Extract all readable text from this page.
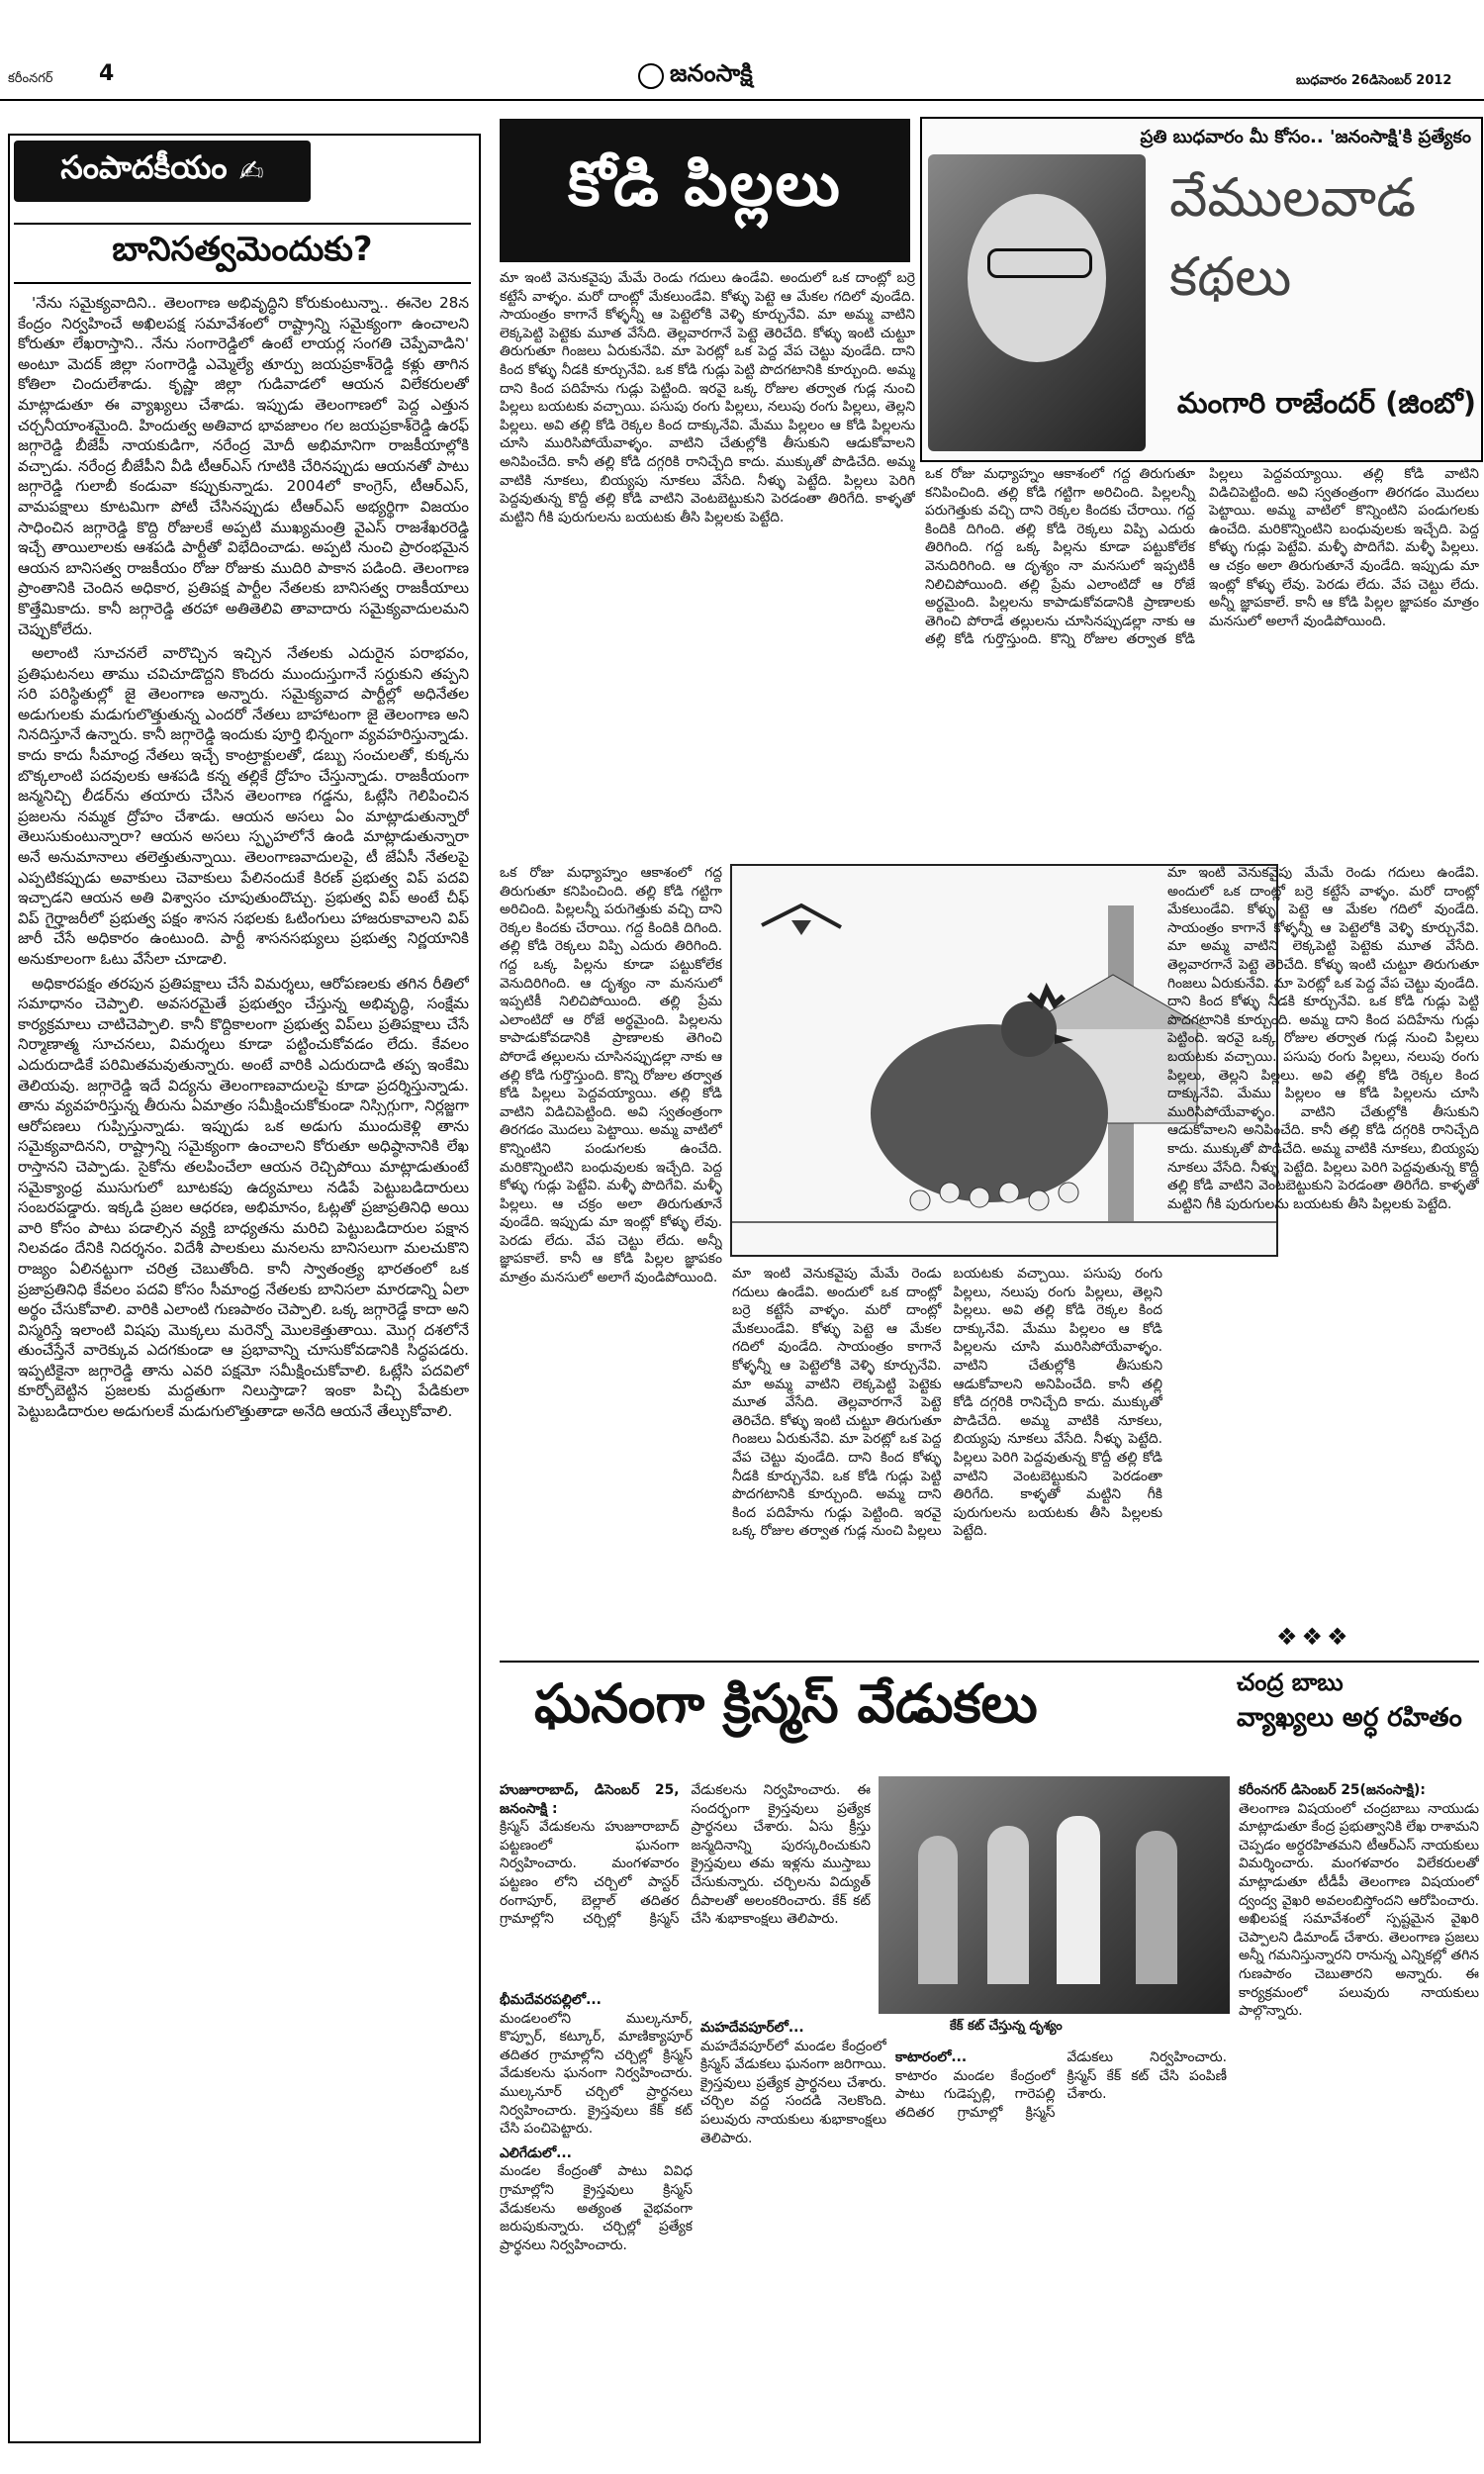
కరీంనగర్ 4	జనంసాక్షి	బుధవారం 26డిసెంబర్ 2012
సంపాదకీయం ✍
బానిసత్వమెందుకు?

'నేను సమైక్యవాదిని.. తెలంగాణ అభివృద్ధిని కోరుకుంటున్నా.. ఈనెల 28న కేంద్రం నిర్వహించే అఖిలపక్ష సమావేశంలో రాష్ట్రాన్ని సమైక్యంగా ఉంచాలని కోరుతూ లేఖరాస్తాని.. నేను సంగారెడ్డిలో ఉంటే లాయర్ల సంగతి చెప్పేవాడిని' అంటూ మెదక్ జిల్లా సంగారెడ్డి ఎమ్మెల్యే తూర్పు జయప్రకాశ్‌రెడ్డి కళ్లు తాగిన కోతిలా చిందులేశాడు. కృష్ణా జిల్లా గుడివాడలో ఆయన విలేకరులతో మాట్లాడుతూ ఈ వ్యాఖ్యలు చేశాడు. ఇప్పుడు తెలంగాణలో పెద్ద ఎత్తున చర్చనీయాంశమైంది. హిందుత్వ అతివాద భావజాలం గల జయప్రకాశ్‌రెడ్డి ఉరఫ్ జగ్గారెడ్డి బీజేపీ నాయకుడిగా, నరేంద్ర మోదీ అభిమానిగా రాజకీయాల్లోకి వచ్చాడు. నరేంద్ర బీజేపీని వీడి టీఆర్‌ఎస్ గూటికి చేరినప్పుడు ఆయనతో పాటు జగ్గారెడ్డి గులాబీ కండువా కప్పుకున్నాడు. 2004లో కాంగ్రెస్, టీఆర్‌ఎస్, వామపక్షాలు కూటమిగా పోటీ చేసినప్పుడు టీఆర్‌ఎస్ అభ్యర్థిగా విజయం సాధించిన జగ్గారెడ్డి కొద్ది రోజులకే అప్పటి ముఖ్యమంత్రి వైఎస్ రాజశేఖరరెడ్డి ఇచ్చే తాయిలాలకు ఆశపడి పార్టీతో విభేదించాడు. అప్పటి నుంచి ప్రారంభమైన ఆయన బానిసత్వ రాజకీయం రోజు రోజుకు ముదిరి పాకాన పడింది. తెలంగాణ ప్రాంతానికి చెందిన అధికార, ప్రతిపక్ష పార్టీల నేతలకు బానిసత్వ రాజకీయాలు కొత్తేమికాదు. కానీ జగ్గారెడ్డి తరహా అతితెలివి తావాదారు సమైక్యవాదులమని చెప్పుకోలేదు.

అలాంటి సూచనలే వారొచ్చిన ఇచ్చిన నేతలకు ఎదురైన పరాభవం, ప్రతిఘటనలు తాము చవిచూడొద్దని కొందరు ముందుస్తుగానే సర్దుకుని తప్పని సరి పరిస్థితుల్లో జై తెలంగాణ అన్నారు. సమైక్యవాద పార్టీల్లో అధినేతల అడుగులకు మడుగులొత్తుతున్న ఎందరో నేతలు బాహాటంగా జై తెలంగాణ అని నినదిస్తూనే ఉన్నారు. కానీ జగ్గారెడ్డి ఇందుకు పూర్తి భిన్నంగా వ్యవహరిస్తున్నాడు. కాదు కాదు సీమాంధ్ర నేతలు ఇచ్చే కాంట్రాక్టులతో, డబ్బు సంచులతో, కుక్కను బొక్కలాంటి పదవులకు ఆశపడి కన్న తల్లికే ద్రోహం చేస్తున్నాడు. రాజకీయంగా జన్మనిచ్చి లీడర్‌ను తయారు చేసిన తెలంగాణ గడ్డను, ఓట్లేసి గెలిపించిన ప్రజలను నమ్మక ద్రోహం చేశాడు. ఆయన అసలు ఏం మాట్లాడుతున్నారో తెలుసుకుంటున్నారా? ఆయన అసలు స్పృహలోనే ఉండి మాట్లాడుతున్నారా అనే అనుమానాలు తలెత్తుతున్నాయి. తెలంగాణవాదులపై, టీ జేఏసీ నేతలపై ఎప్పటికప్పుడు అవాకులు చెవాకులు పేలినందుకే కిరణ్ ప్రభుత్వ విప్ పదవి ఇచ్చాడని ఆయన అతి విశ్వాసం చూపుతుందొచ్చు. ప్రభుత్వ విప్ అంటే చీఫ్ విప్ గైర్హాజరీలో ప్రభుత్వ పక్షం శాసన సభలకు ఓటింగులు హాజరుకావాలని విప్ జారీ చేసే అధికారం ఉంటుంది. పార్టీ శాసనసభ్యులు ప్రభుత్వ నిర్ణయానికి అనుకూలంగా ఓటు వేసేలా చూడాలి.

అధికారపక్షం తరపున ప్రతిపక్షాలు చేసే విమర్శలు, ఆరోపణలకు తగిన రీతిలో సమాధానం చెప్పాలి. అవసరమైతే ప్రభుత్వం చేస్తున్న అభివృద్ధి, సంక్షేమ కార్యక్రమాలు చాటిచెప్పాలి. కానీ కొద్దికాలంగా ప్రభుత్వ విప్‌లు ప్రతిపక్షాలు చేసే నిర్మాణాత్మ సూచనలు, విమర్శలు కూడా పట్టించుకోవడం లేదు. కేవలం ఎదురుదాడికే పరిమితమవుతున్నారు. అంటే వారికి ఎదురుదాడి తప్ప ఇంకేమి తెలియవు. జగ్గారెడ్డి ఇదే విద్యను తెలంగాణవాదులపై కూడా ప్రదర్శిస్తున్నాడు. తాను వ్యవహరిస్తున్న తీరును ఏమాత్రం సమీక్షించుకోకుండా నిస్సిగ్గుగా, నిర్లజ్జగా ఆరోపణలు గుప్పిస్తున్నాడు. ఇప్పుడు ఒక అడుగు ముందుకెళ్లి తాను సమైక్యవాదినని, రాష్ట్రాన్ని సమైక్యంగా ఉంచాలని కోరుతూ అధిష్ఠానానికి లేఖ రాస్తానని చెప్పాడు. సైకోను తలపించేలా ఆయన రెచ్చిపోయి మాట్లాడుతుంటే సమైక్యాంధ్ర ముసుగులో బూటకపు ఉద్యమాలు నడిపే పెట్టుబడిదారులు సంబరపడ్డారు. ఇక్కడి ప్రజల ఆధరణ, అభిమానం, ఓట్లతో ప్రజాప్రతినిధి అయి వారి కోసం పాటు పడాల్సిన వ్యక్తి బాధ్యతను మరిచి పెట్టుబడిదారుల పక్షాన నిలవడం దేనికి నిదర్శనం. విదేశీ పాలకులు మనలను బానిసలుగా మలచుకొని రాజ్యం ఏలినట్టుగా చరిత్ర చెబుతోంది. కానీ స్వాతంత్ర్య భారతంలో ఒక ప్రజాప్రతినిధి కేవలం పదవి కోసం సీమాంధ్ర నేతలకు బానిసలా మారడాన్ని ఏలా అర్థం చేసుకోవాలి. వారికి ఎలాంటి గుణపాఠం చెప్పాలి. ఒక్క జగ్గారెడ్డే కాదా అని విస్మరిస్తే ఇలాంటి విషపు మొక్కలు మరెన్నో మొలకెత్తుతాయి. మొగ్గ దశలోనే తుంచేస్తేనే వారెక్కువ ఎదగకుండా ఆ ప్రభావాన్ని చూసుకోవడానికి సిద్ధపడరు. ఇప్పటికైనా జగ్గారెడ్డి తాను ఎవరి పక్షమో సమీక్షించుకోవాలి. ఓట్లేసి పదవిలో కూర్చోబెట్టిన ప్రజలకు మద్దతుగా నిలుస్తాడా? ఇంకా పిచ్చి పేడికులా పెట్టుబడిదారుల అడుగులకే మడుగులొత్తుతాడా అనేది ఆయనే తేల్చుకోవాలి.

కోడి పిల్లలు
ప్రతి బుధవారం మీ కోసం.. 'జనంసాక్షి'కి ప్రత్యేకం
వేములవాడ కథలు
మంగారి రాజేందర్ (జింబో)
మా ఇంటి వెనుకవైపు మేమే రెండు గదులు ఉండేవి. అందులో ఒక దాంట్లో బర్రె కట్టేసే వాళ్ళం. మరో దాంట్లో మేకలుండేవి. కోళ్ళు పెట్టె ఆ మేకల గదిలో వుండేది. సాయంత్రం కాగానే కోళ్ళన్నీ ఆ పెట్టెలోకి వెళ్ళి కూర్చునేవి. మా అమ్మ వాటిని లెక్కపెట్టి పెట్టెకు మూత వేసేది. తెల్లవారగానే పెట్టె తెరిచేది. కోళ్ళు ఇంటి చుట్టూ తిరుగుతూ గింజలు ఏరుకునేవి. మా పెరట్లో ఒక పెద్ద వేప చెట్టు వుండేది. దాని కింద కోళ్ళు నీడకి కూర్చునేవి. ఒక కోడి గుడ్లు పెట్టి పొదగటానికి కూర్చుంది. అమ్మ దాని కింద పదిహేను గుడ్లు పెట్టింది. ఇరవై ఒక్క రోజుల తర్వాత గుడ్ల నుంచి పిల్లలు బయటకు వచ్చాయి. పసుపు రంగు పిల్లలు, నలుపు రంగు పిల్లలు, తెల్లని పిల్లలు. అవి తల్లి కోడి రెక్కల కింద దాక్కునేవి. మేము పిల్లలం ఆ కోడి పిల్లలను చూసి మురిసిపోయేవాళ్ళం. వాటిని చేతుల్లోకి తీసుకుని ఆడుకోవాలని అనిపించేది. కానీ తల్లి కోడి దగ్గరికి రానిచ్చేది కాదు. ముక్కుతో పొడిచేది. అమ్మ వాటికి నూకలు, బియ్యపు నూకలు వేసేది. నీళ్ళు పెట్టేది. పిల్లలు పెరిగి పెద్దవుతున్న కొద్దీ తల్లి కోడి వాటిని వెంటబెట్టుకుని పెరడంతా తిరిగేది. కాళ్ళతో మట్టిని గీకి పురుగులను బయటకు తీసి పిల్లలకు పెట్టేది.
ఒక రోజు మధ్యాహ్నం ఆకాశంలో గద్ద తిరుగుతూ కనిపించింది. తల్లి కోడి గట్టిగా అరిచింది. పిల్లలన్నీ పరుగెత్తుకు వచ్చి దాని రెక్కల కిందకు చేరాయి. గద్ద కిందికి దిగింది. తల్లి కోడి రెక్కలు విప్పి ఎదురు తిరిగింది. గద్ద ఒక్క పిల్లను కూడా పట్టుకోలేక వెనుదిరిగింది. ఆ దృశ్యం నా మనసులో ఇప్పటికీ నిలిచిపోయింది. తల్లి ప్రేమ ఎలాంటిదో ఆ రోజే అర్థమైంది. పిల్లలను కాపాడుకోవడానికి ప్రాణాలకు తెగించి పోరాడే తల్లులను చూసినప్పుడల్లా నాకు ఆ తల్లి కోడి గుర్తొస్తుంది. కొన్ని రోజుల తర్వాత కోడి పిల్లలు పెద్దవయ్యాయి. తల్లి కోడి వాటిని విడిచిపెట్టింది. అవి స్వతంత్రంగా తిరగడం మొదలు పెట్టాయి. అమ్మ వాటిలో కొన్నింటిని పండుగలకు ఉంచేది. మరికొన్నింటిని బంధువులకు ఇచ్చేది. పెద్ద కోళ్ళు గుడ్లు పెట్టేవి. మళ్ళీ పొదిగేవి. మళ్ళీ పిల్లలు. ఆ చక్రం అలా తిరుగుతూనే వుండేది. ఇప్పుడు మా ఇంట్లో కోళ్ళు లేవు. పెరడు లేదు. వేప చెట్టు లేదు. అన్నీ జ్ఞాపకాలే. కానీ ఆ కోడి పిల్లల జ్ఞాపకం మాత్రం మనసులో అలాగే వుండిపోయింది.
ఒక రోజు మధ్యాహ్నం ఆకాశంలో గద్ద తిరుగుతూ కనిపించింది. తల్లి కోడి గట్టిగా అరిచింది. పిల్లలన్నీ పరుగెత్తుకు వచ్చి దాని రెక్కల కిందకు చేరాయి. గద్ద కిందికి దిగింది. తల్లి కోడి రెక్కలు విప్పి ఎదురు తిరిగింది. గద్ద ఒక్క పిల్లను కూడా పట్టుకోలేక వెనుదిరిగింది. ఆ దృశ్యం నా మనసులో ఇప్పటికీ నిలిచిపోయింది. తల్లి ప్రేమ ఎలాంటిదో ఆ రోజే అర్థమైంది. పిల్లలను కాపాడుకోవడానికి ప్రాణాలకు తెగించి పోరాడే తల్లులను చూసినప్పుడల్లా నాకు ఆ తల్లి కోడి గుర్తొస్తుంది. కొన్ని రోజుల తర్వాత కోడి పిల్లలు పెద్దవయ్యాయి. తల్లి కోడి వాటిని విడిచిపెట్టింది. అవి స్వతంత్రంగా తిరగడం మొదలు పెట్టాయి. అమ్మ వాటిలో కొన్నింటిని పండుగలకు ఉంచేది. మరికొన్నింటిని బంధువులకు ఇచ్చేది. పెద్ద కోళ్ళు గుడ్లు పెట్టేవి. మళ్ళీ పొదిగేవి. మళ్ళీ పిల్లలు. ఆ చక్రం అలా తిరుగుతూనే వుండేది. ఇప్పుడు మా ఇంట్లో కోళ్ళు లేవు. పెరడు లేదు. వేప చెట్టు లేదు. అన్నీ జ్ఞాపకాలే. కానీ ఆ కోడి పిల్లల జ్ఞాపకం మాత్రం మనసులో అలాగే వుండిపోయింది.	మా ఇంటి వెనుకవైపు మేమే రెండు గదులు ఉండేవి. అందులో ఒక దాంట్లో బర్రె కట్టేసే వాళ్ళం. మరో దాంట్లో మేకలుండేవి. కోళ్ళు పెట్టె ఆ మేకల గదిలో వుండేది. సాయంత్రం కాగానే కోళ్ళన్నీ ఆ పెట్టెలోకి వెళ్ళి కూర్చునేవి. మా అమ్మ వాటిని లెక్కపెట్టి పెట్టెకు మూత వేసేది. తెల్లవారగానే పెట్టె తెరిచేది. కోళ్ళు ఇంటి చుట్టూ తిరుగుతూ గింజలు ఏరుకునేవి. మా పెరట్లో ఒక పెద్ద వేప చెట్టు వుండేది. దాని కింద కోళ్ళు నీడకి కూర్చునేవి. ఒక కోడి గుడ్లు పెట్టి పొదగటానికి కూర్చుంది. అమ్మ దాని కింద పదిహేను గుడ్లు పెట్టింది. ఇరవై ఒక్క రోజుల తర్వాత గుడ్ల నుంచి పిల్లలు బయటకు వచ్చాయి. పసుపు రంగు పిల్లలు, నలుపు రంగు పిల్లలు, తెల్లని పిల్లలు. అవి తల్లి కోడి రెక్కల కింద దాక్కునేవి. మేము పిల్లలం ఆ కోడి పిల్లలను చూసి మురిసిపోయేవాళ్ళం. వాటిని చేతుల్లోకి తీసుకుని ఆడుకోవాలని అనిపించేది. కానీ తల్లి కోడి దగ్గరికి రానిచ్చేది కాదు. ముక్కుతో పొడిచేది. అమ్మ వాటికి నూకలు, బియ్యపు నూకలు వేసేది. నీళ్ళు పెట్టేది. పిల్లలు పెరిగి పెద్దవుతున్న కొద్దీ తల్లి కోడి వాటిని వెంటబెట్టుకుని పెరడంతా తిరిగేది. కాళ్ళతో మట్టిని గీకి పురుగులను బయటకు తీసి పిల్లలకు పెట్టేది.
మా ఇంటి వెనుకవైపు మేమే రెండు గదులు ఉండేవి. అందులో ఒక దాంట్లో బర్రె కట్టేసే వాళ్ళం. మరో దాంట్లో మేకలుండేవి. కోళ్ళు పెట్టె ఆ మేకల గదిలో వుండేది. సాయంత్రం కాగానే కోళ్ళన్నీ ఆ పెట్టెలోకి వెళ్ళి కూర్చునేవి. మా అమ్మ వాటిని లెక్కపెట్టి పెట్టెకు మూత వేసేది. తెల్లవారగానే పెట్టె తెరిచేది. కోళ్ళు ఇంటి చుట్టూ తిరుగుతూ గింజలు ఏరుకునేవి. మా పెరట్లో ఒక పెద్ద వేప చెట్టు వుండేది. దాని కింద కోళ్ళు నీడకి కూర్చునేవి. ఒక కోడి గుడ్లు పెట్టి పొదగటానికి కూర్చుంది. అమ్మ దాని కింద పదిహేను గుడ్లు పెట్టింది. ఇరవై ఒక్క రోజుల తర్వాత గుడ్ల నుంచి పిల్లలు బయటకు వచ్చాయి. పసుపు రంగు పిల్లలు, నలుపు రంగు పిల్లలు, తెల్లని పిల్లలు. అవి తల్లి కోడి రెక్కల కింద దాక్కునేవి. మేము పిల్లలం ఆ కోడి పిల్లలను చూసి మురిసిపోయేవాళ్ళం. వాటిని చేతుల్లోకి తీసుకుని ఆడుకోవాలని అనిపించేది. కానీ తల్లి కోడి దగ్గరికి రానిచ్చేది కాదు. ముక్కుతో పొడిచేది. అమ్మ వాటికి నూకలు, బియ్యపు నూకలు వేసేది. నీళ్ళు పెట్టేది. పిల్లలు పెరిగి పెద్దవుతున్న కొద్దీ తల్లి కోడి వాటిని వెంటబెట్టుకుని పెరడంతా తిరిగేది. కాళ్ళతో మట్టిని గీకి పురుగులను బయటకు తీసి పిల్లలకు పెట్టేది.
❖❖❖
ఘనంగా క్రిస్మస్ వేడుకలు
కేక్ కట్ చేస్తున్న దృశ్యం
హుజూరాబాద్, డిసెంబర్ 25, జనంసాక్షి :
క్రిస్మస్ వేడుకలను హుజూరాబాద్ పట్టణంలో ఘనంగా నిర్వహించారు. మంగళవారం పట్టణం లోని చర్చిలో పాస్టర్ రంగాపూర్, బెల్లాల్ తదితర గ్రామాల్లోని చర్చిల్లో క్రిస్మస్ వేడుకలను నిర్వహించారు. ఈ సందర్భంగా క్రైస్తవులు ప్రత్యేక ప్రార్థనలు చేశారు. ఏసు క్రీస్తు జన్మదినాన్ని పురస్కరించుకుని క్రైస్తవులు తమ ఇళ్లను ముస్తాబు చేసుకున్నారు. చర్చిలను విద్యుత్ దీపాలతో అలంకరించారు. కేక్ కట్ చేసి శుభాకాంక్షలు తెలిపారు.
భీమదేవరపల్లిలో...
మండలంలోని ముల్కనూర్, కొప్పూర్, కట్కూర్, మాణిక్యాపూర్ తదితర గ్రామాల్లోని చర్చిల్లో క్రిస్మస్ వేడుకలను ఘనంగా నిర్వహించారు. ముల్కనూర్ చర్చిలో ప్రార్థనలు నిర్వహించారు. క్రైస్తవులు కేక్ కట్ చేసి పంచిపెట్టారు.
ఎలిగేడులో...
మండల కేంద్రంతో పాటు వివిధ గ్రామాల్లోని క్రైస్తవులు క్రిస్మస్ వేడుకలను అత్యంత వైభవంగా జరుపుకున్నారు. చర్చిల్లో ప్రత్యేక ప్రార్థనలు నిర్వహించారు.
మహదేవపూర్‌లో...
మహదేవపూర్‌లో మండల కేంద్రంలో క్రిస్మస్ వేడుకలు ఘనంగా జరిగాయి. క్రైస్తవులు ప్రత్యేక ప్రార్థనలు చేశారు. చర్చిల వద్ద సందడి నెలకొంది. పలువురు నాయకులు శుభాకాంక్షలు తెలిపారు.
కాటారంలో...
కాటారం మండల కేంద్రంలో పాటు గుడెప్పల్లి, గారెపల్లి తదితర గ్రామాల్లో క్రిస్మస్ వేడుకలు నిర్వహించారు. క్రిస్మస్ కేక్ కట్ చేసి పంపిణీ చేశారు.
చంద్ర బాబు
వ్యాఖ్యలు అర్ధ రహితం
కరీంనగర్ డిసెంబర్ 25(జనంసాక్షి):
తెలంగాణ విషయంలో చంద్రబాబు నాయుడు మాట్లాడుతూ కేంద్ర ప్రభుత్వానికి లేఖ రాశామని చెప్పడం అర్ధరహితమని టీఆర్‌ఎస్ నాయకులు విమర్శించారు. మంగళవారం విలేకరులతో మాట్లాడుతూ టీడీపీ తెలంగాణ విషయంలో ద్వంద్వ వైఖరి అవలంబిస్తోందని ఆరోపించారు. అఖిలపక్ష సమావేశంలో స్పష్టమైన వైఖరి చెప్పాలని డిమాండ్ చేశారు. తెలంగాణ ప్రజలు అన్నీ గమనిస్తున్నారని రానున్న ఎన్నికల్లో తగిన గుణపాఠం చెబుతారని అన్నారు. ఈ కార్యక్రమంలో పలువురు నాయకులు పాల్గొన్నారు.
